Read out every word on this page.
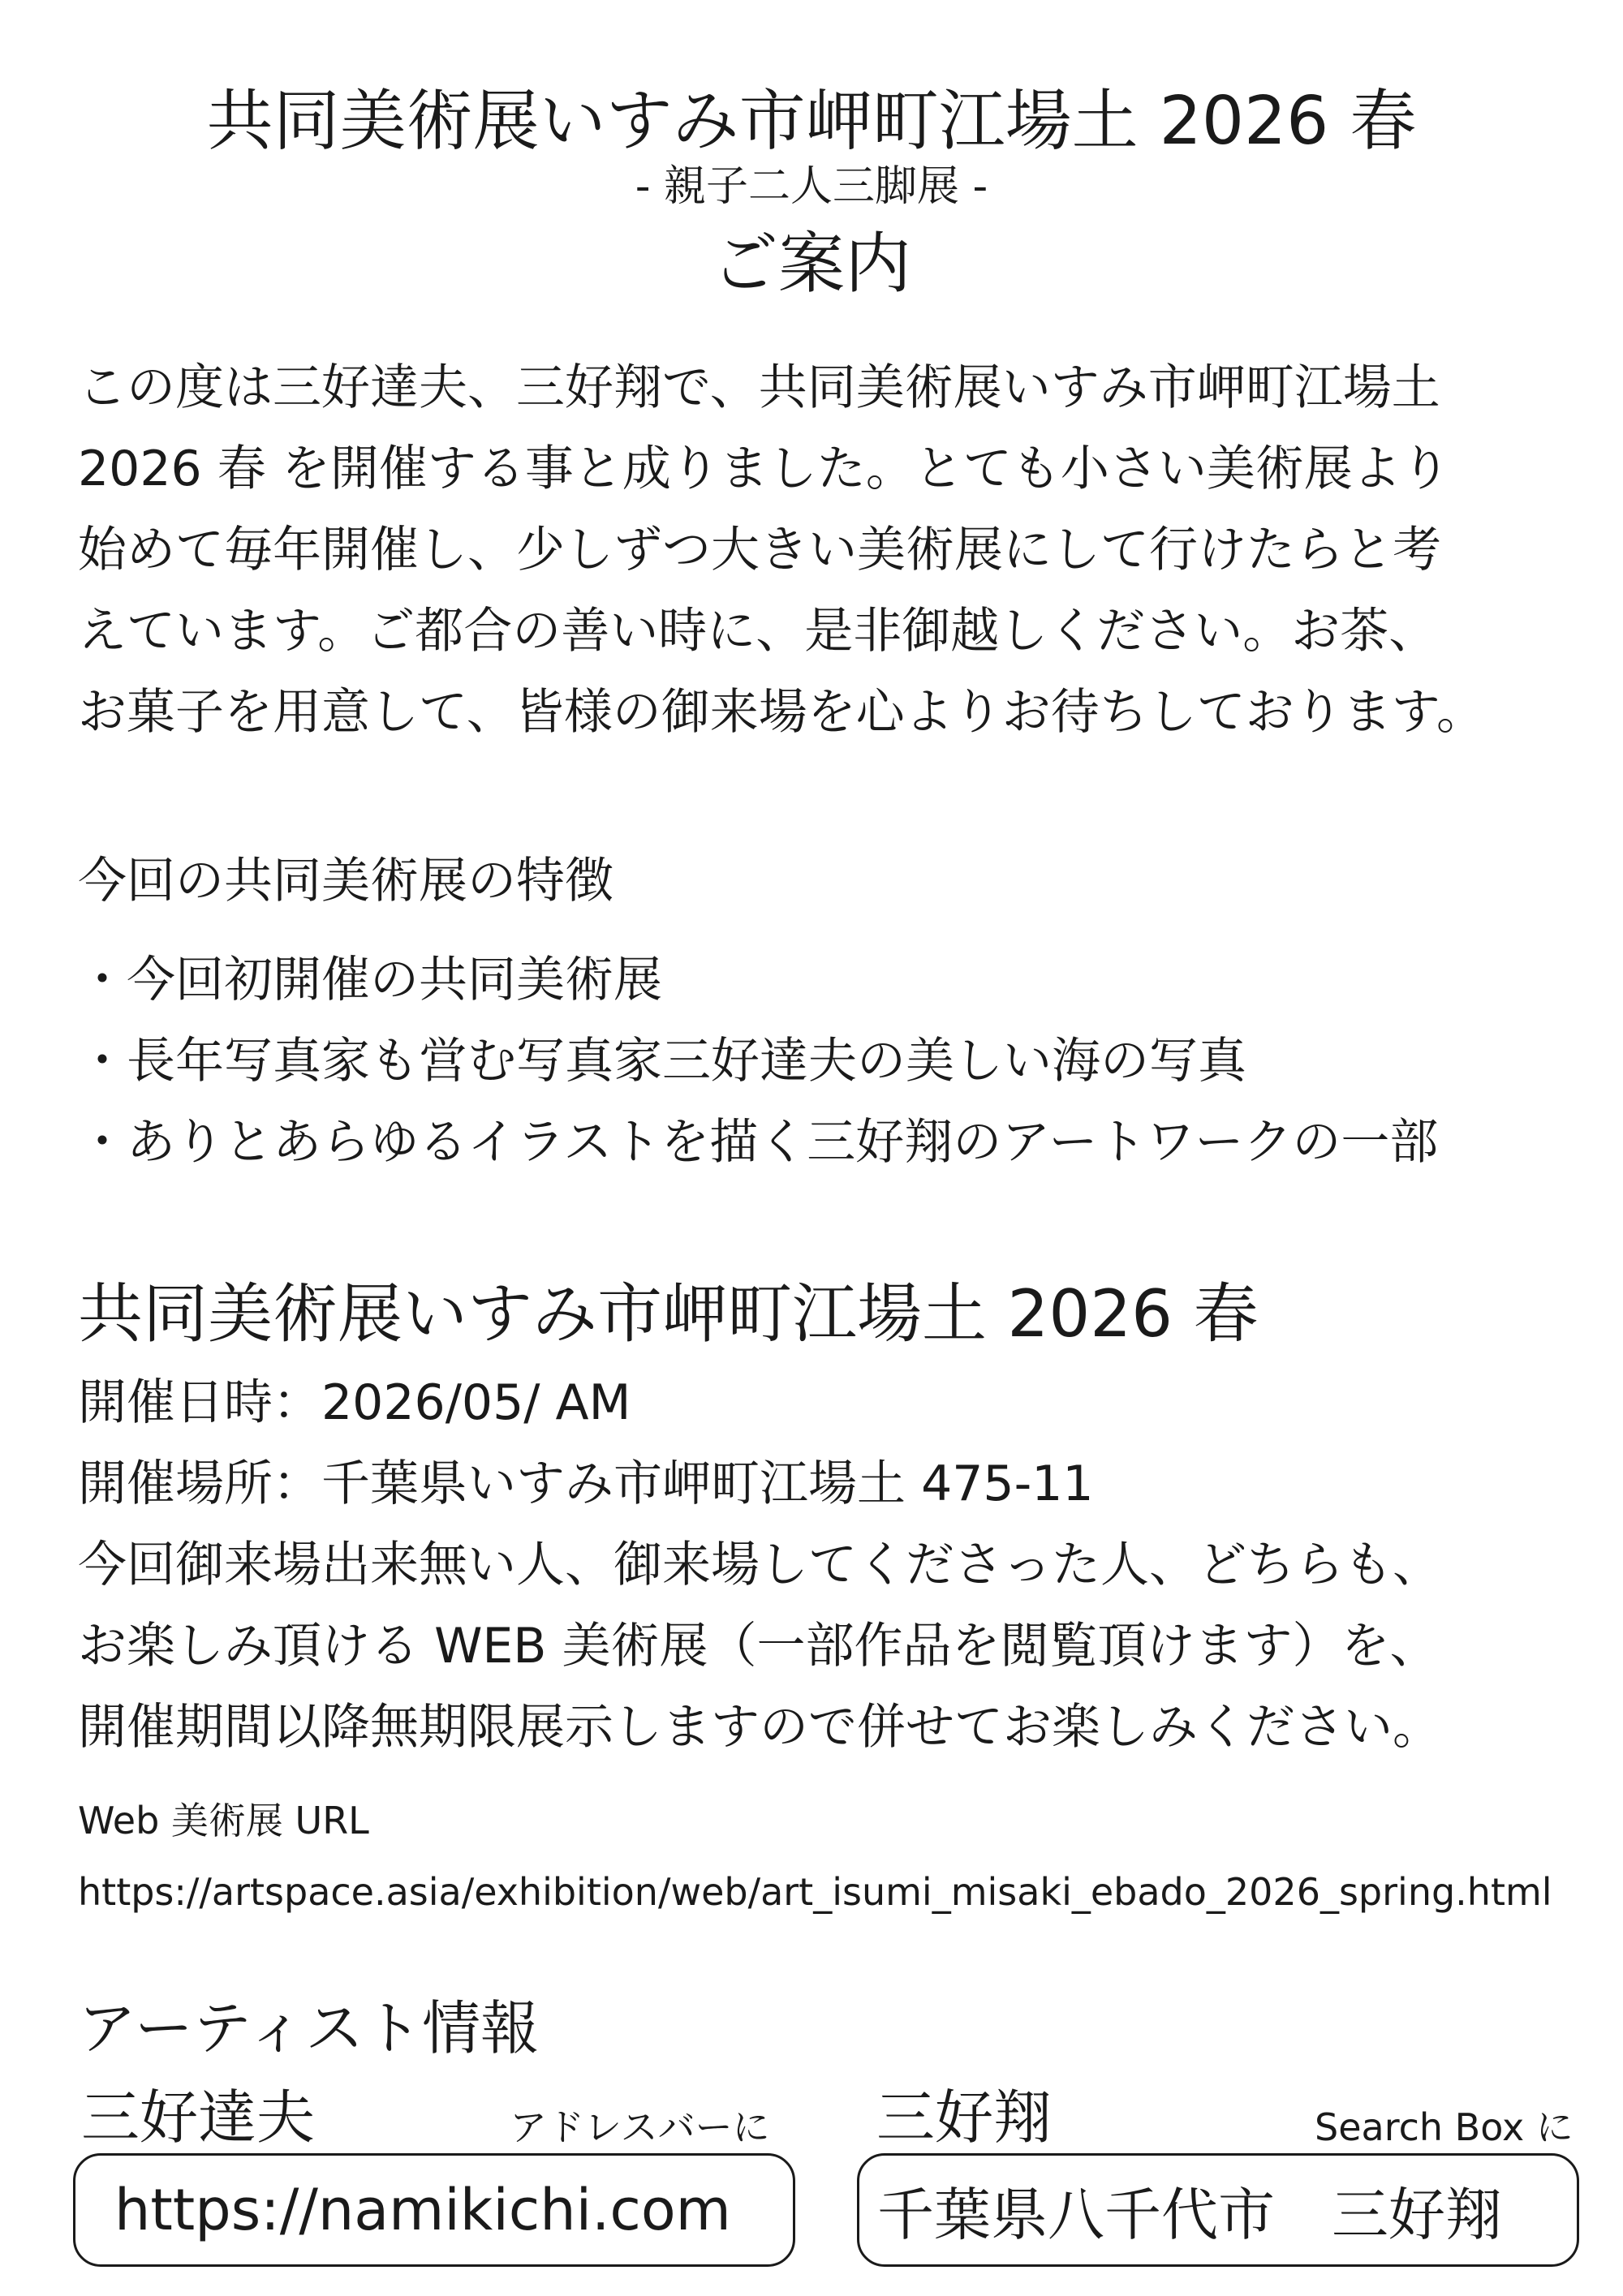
共同美術展いすみ市岬町江場土 2026 春
- 親子二人三脚展 -
ご案内
この度は三好達夫、三好翔で、共同美術展いすみ市岬町江場土
2026 春 を開催する事と成りました。とても小さい美術展より
始めて毎年開催し、少しずつ大きい美術展にして行けたらと考
えています。ご都合の善い時に、是非御越しください。お茶、
お菓子を用意して、皆様の御来場を心よりお待ちしております。
今回の共同美術展の特徴
・今回初開催の共同美術展
・長年写真家も営む写真家三好達夫の美しい海の写真
・ありとあらゆるイラストを描く三好翔のアートワークの一部
共同美術展いすみ市岬町江場土 2026 春
開催日時：2026/05/ AM
開催場所：千葉県いすみ市岬町江場土 475-11
今回御来場出来無い人、御来場してくださった人、どちらも、
お楽しみ頂ける WEB 美術展（一部作品を閲覧頂けます）を、
開催期間以降無期限展示しますので併せてお楽しみください。
Web 美術展 URL
https://artspace.asia/exhibition/web/art_isumi_misaki_ebado_2026_spring.html
アーティスト情報
三好達夫	アドレスバーに
https://namikichi.com
三好翔	Search Box に
千葉県八千代市　三好翔
